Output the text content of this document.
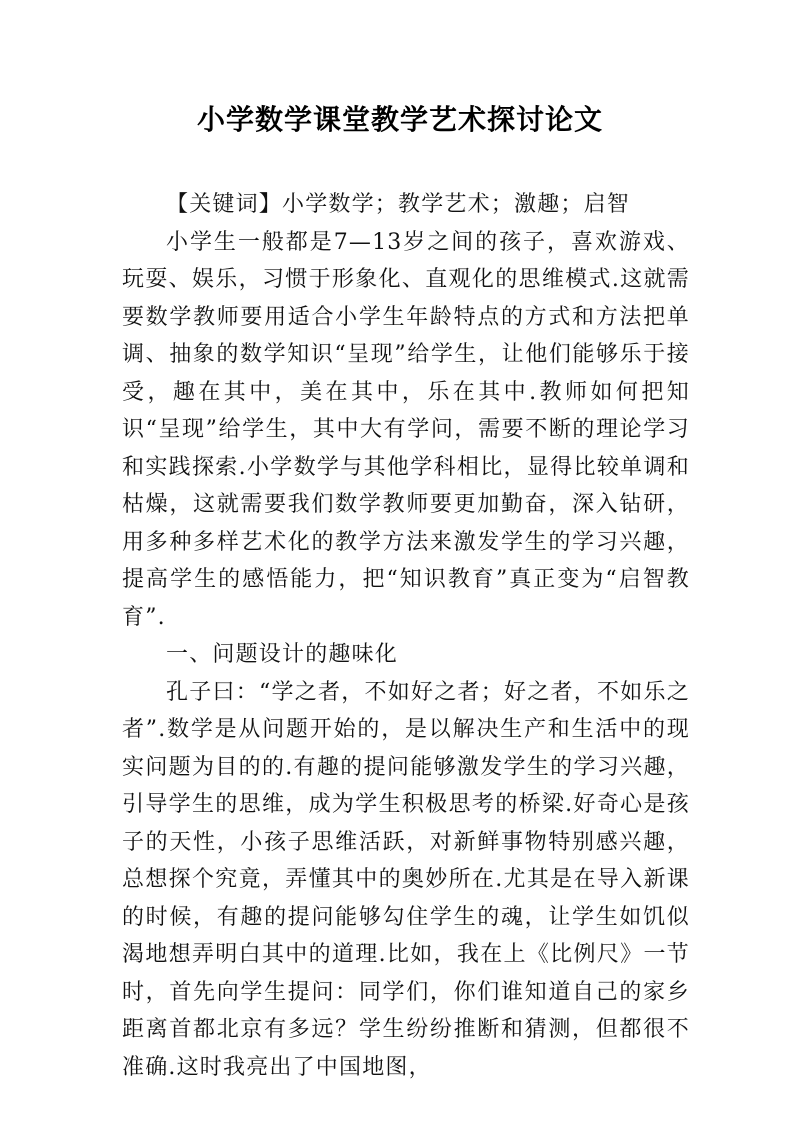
小学数学课堂教学艺术探讨论文

【关键词】小学数学；教学艺术；激趣；启智

小学生一般都是7—13岁之间的孩子，喜欢游戏、玩耍、娱乐，习惯于形象化、直观化的思维模式.这就需要数学教师要用适合小学生年龄特点的方式和方法把单调、抽象的数学知识“呈现”给学生，让他们能够乐于接受，趣在其中，美在其中，乐在其中.教师如何把知识“呈现”给学生，其中大有学问，需要不断的理论学习和实践探索.小学数学与其他学科相比，显得比较单调和枯燥，这就需要我们数学教师要更加勤奋，深入钻研，用多种多样艺术化的教学方法来激发学生的学习兴趣，提高学生的感悟能力，把“知识教育”真正变为“启智教育”.

一、问题设计的趣味化

孔子曰：“学之者，不如好之者；好之者，不如乐之者”.数学是从问题开始的，是以解决生产和生活中的现实问题为目的的.有趣的提问能够激发学生的学习兴趣，引导学生的思维，成为学生积极思考的桥梁.好奇心是孩子的天性，小孩子思维活跃，对新鲜事物特别感兴趣，总想探个究竟，弄懂其中的奥妙所在.尤其是在导入新课的时候，有趣的提问能够勾住学生的魂，让学生如饥似渴地想弄明白其中的道理.比如，我在上《比例尺》一节时，首先向学生提问：同学们，你们谁知道自己的家乡距离首都北京有多远？学生纷纷推断和猜测，但都很不准确.这时我亮出了中国地图，
